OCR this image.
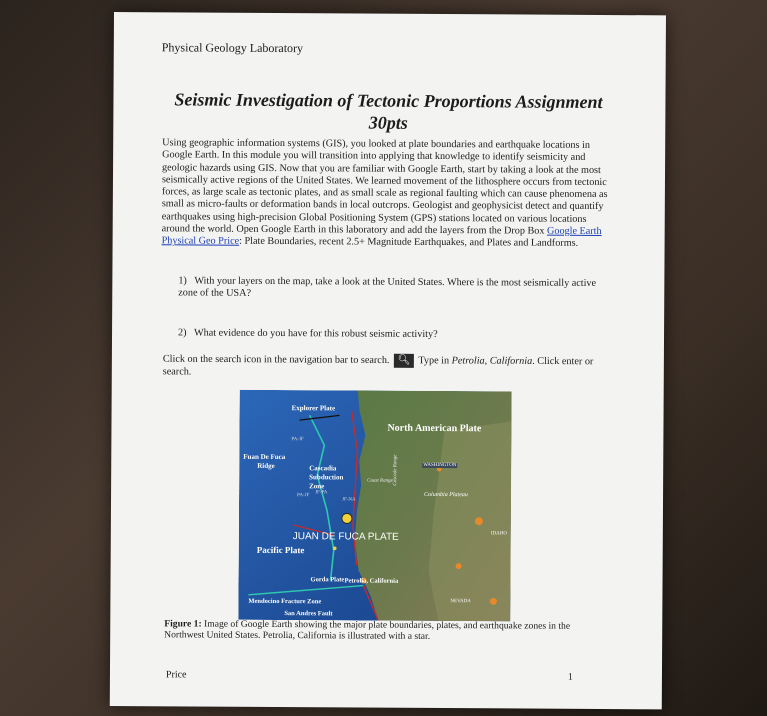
Physical Geology Laboratory
Seismic Investigation of Tectonic Proportions Assignment
30pts
Using geographic information systems (GIS), you looked at plate boundaries and earthquake locations in Google Earth. In this module you will transition into applying that knowledge to identify seismicity and geologic hazards using GIS. Now that you are familiar with Google Earth, start by taking a look at the most seismically active regions of the United States. We learned movement of the lithosphere occurs from tectonic forces, as large scale as tectonic plates, and as small scale as regional faulting which can cause phenomena as small as micro-faults or deformation bands in local outcrops. Geologist and geophysicist detect and quantify earthquakes using high-precision Global Positioning System (GPS) stations located on various locations around the world. Open Google Earth in this laboratory and add the layers from the Drop Box Google Earth Physical Geo Price: Plate Boundaries, recent 2.5+ Magnitude Earthquakes, and Plates and Landforms.
1) With your layers on the map, take a look at the United States. Where is the most seismically active zone of the USA?
2) What evidence do you have for this robust seismic activity?
Click on the search icon in the navigation bar to search. 🔍︎ Type in Petrolia, California. Click enter or search.
Explorer Plate
North American Plate
PA-JF
Fuan De Fuca
Ridge	Cascadia
Subduction
Zone
WASHINGTON
Coast Range Cascade Range
Columbia Plateau
PA-JF
JF-PA
JF-NA
IDAHO
JUAN DE FUCA PLATE
Pacific Plate
Gorda Plate Petrolia, California
Mendocino Fracture Zone
San Andres Fault
NEVADA
Figure 1: Image of Google Earth showing the major plate boundaries, plates, and earthquake zones in the Northwest United States. Petrolia, California is illustrated with a star.
Price	1
